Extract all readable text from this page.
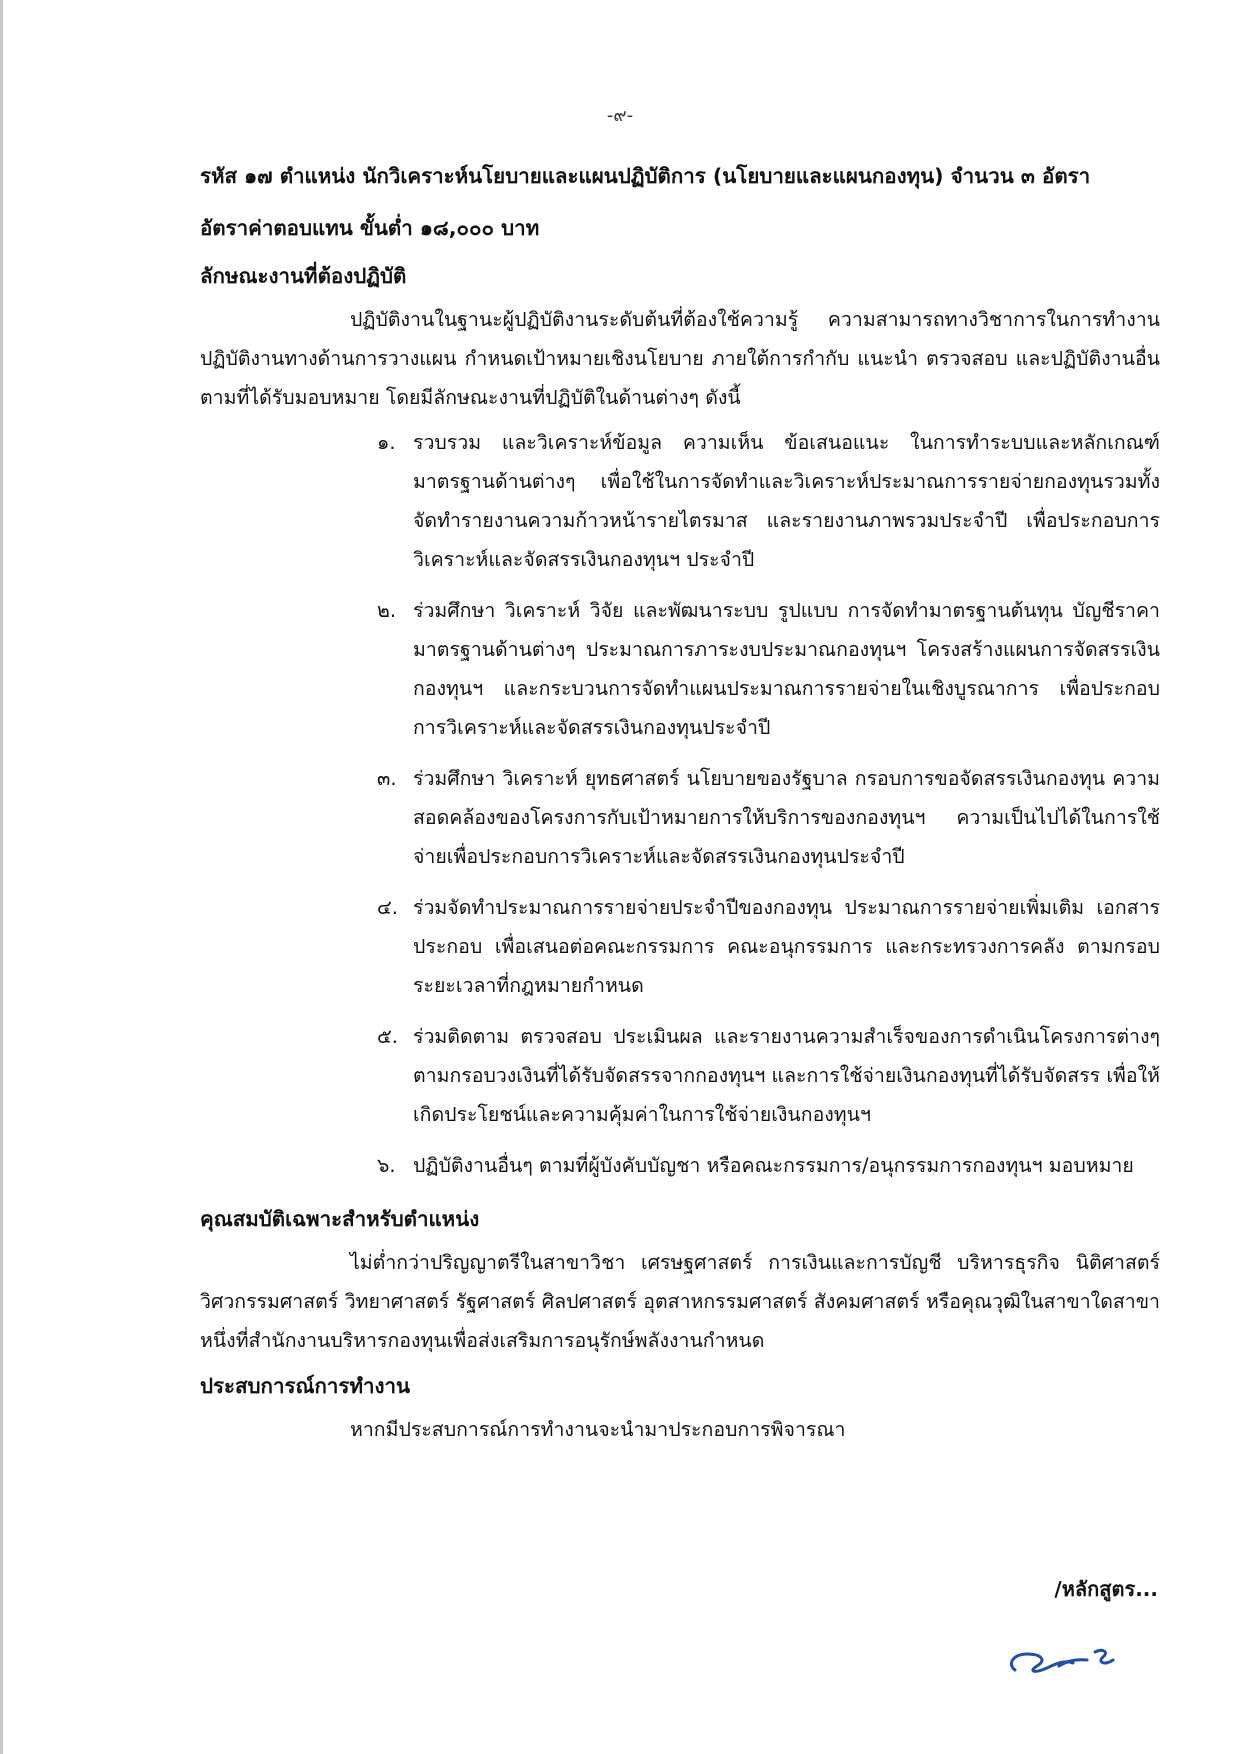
-๙-
รหัส ๑๗ ตำแหน่ง นักวิเคราะห์นโยบายและแผนปฏิบัติการ (นโยบายและแผนกองทุน) จำนวน ๓ อัตรา
อัตราค่าตอบแทน ขั้นต่ำ ๑๘,๐๐๐ บาท
ลักษณะงานที่ต้องปฏิบัติ

ปฏิบัติงานในฐานะผู้ปฏิบัติงานระดับต้นที่ต้องใช้ความรู้ ความสามารถทางวิชาการในการทำงาน ปฏิบัติงานทางด้านการวางแผน กำหนดเป้าหมายเชิงนโยบาย ภายใต้การกำกับ แนะนำ ตรวจสอบ และปฏิบัติงานอื่นตามที่ได้รับมอบหมาย โดยมีลักษณะงานที่ปฏิบัติในด้านต่างๆ ดังนี้

๑. รวบรวม และวิเคราะห์ข้อมูล ความเห็น ข้อเสนอแนะ ในการทำระบบและหลักเกณฑ์มาตรฐานด้านต่างๆ เพื่อใช้ในการจัดทำและวิเคราะห์ประมาณการรายจ่ายกองทุนรวมทั้งจัดทำรายงานความก้าวหน้ารายไตรมาส และรายงานภาพรวมประจำปี เพื่อประกอบการวิเคราะห์และจัดสรรเงินกองทุนฯ ประจำปี
๒. ร่วมศึกษา วิเคราะห์ วิจัย และพัฒนาระบบ รูปแบบ การจัดทำมาตรฐานต้นทุน บัญชีราคามาตรฐานด้านต่างๆ ประมาณการภาระงบประมาณกองทุนฯ โครงสร้างแผนการจัดสรรเงินกองทุนฯ และกระบวนการจัดทำแผนประมาณการรายจ่ายในเชิงบูรณาการ เพื่อประกอบการวิเคราะห์และจัดสรรเงินกองทุนประจำปี
๓. ร่วมศึกษา วิเคราะห์ ยุทธศาสตร์ นโยบายของรัฐบาล กรอบการขอจัดสรรเงินกองทุน ความสอดคล้องของโครงการกับเป้าหมายการให้บริการของกองทุนฯ ความเป็นไปได้ในการใช้จ่ายเพื่อประกอบการวิเคราะห์และจัดสรรเงินกองทุนประจำปี
๔. ร่วมจัดทำประมาณการรายจ่ายประจำปีของกองทุน ประมาณการรายจ่ายเพิ่มเติม เอกสารประกอบ เพื่อเสนอต่อคณะกรรมการ คณะอนุกรรมการ และกระทรวงการคลัง ตามกรอบระยะเวลาที่กฎหมายกำหนด
๕. ร่วมติดตาม ตรวจสอบ ประเมินผล และรายงานความสำเร็จของการดำเนินโครงการต่างๆ ตามกรอบวงเงินที่ได้รับจัดสรรจากกองทุนฯ และการใช้จ่ายเงินกองทุนที่ได้รับจัดสรร เพื่อให้เกิดประโยชน์และความคุ้มค่าในการใช้จ่ายเงินกองทุนฯ
๖. ปฏิบัติงานอื่นๆ ตามที่ผู้บังคับบัญชา หรือคณะกรรมการ/อนุกรรมการกองทุนฯ มอบหมาย
คุณสมบัติเฉพาะสำหรับตำแหน่ง

ไม่ต่ำกว่าปริญญาตรีในสาขาวิชา เศรษฐศาสตร์ การเงินและการบัญชี บริหารธุรกิจ นิติศาสตร์ วิศวกรรมศาสตร์ วิทยาศาสตร์ รัฐศาสตร์ ศิลปศาสตร์ อุตสาหกรรมศาสตร์ สังคมศาสตร์ หรือคุณวุฒิในสาขาใดสาขาหนึ่งที่สำนักงานบริหารกองทุนเพื่อส่งเสริมการอนุรักษ์พลังงานกำหนด

ประสบการณ์การทำงาน

หากมีประสบการณ์การทำงานจะนำมาประกอบการพิจารณา

/หลักสูตร...
